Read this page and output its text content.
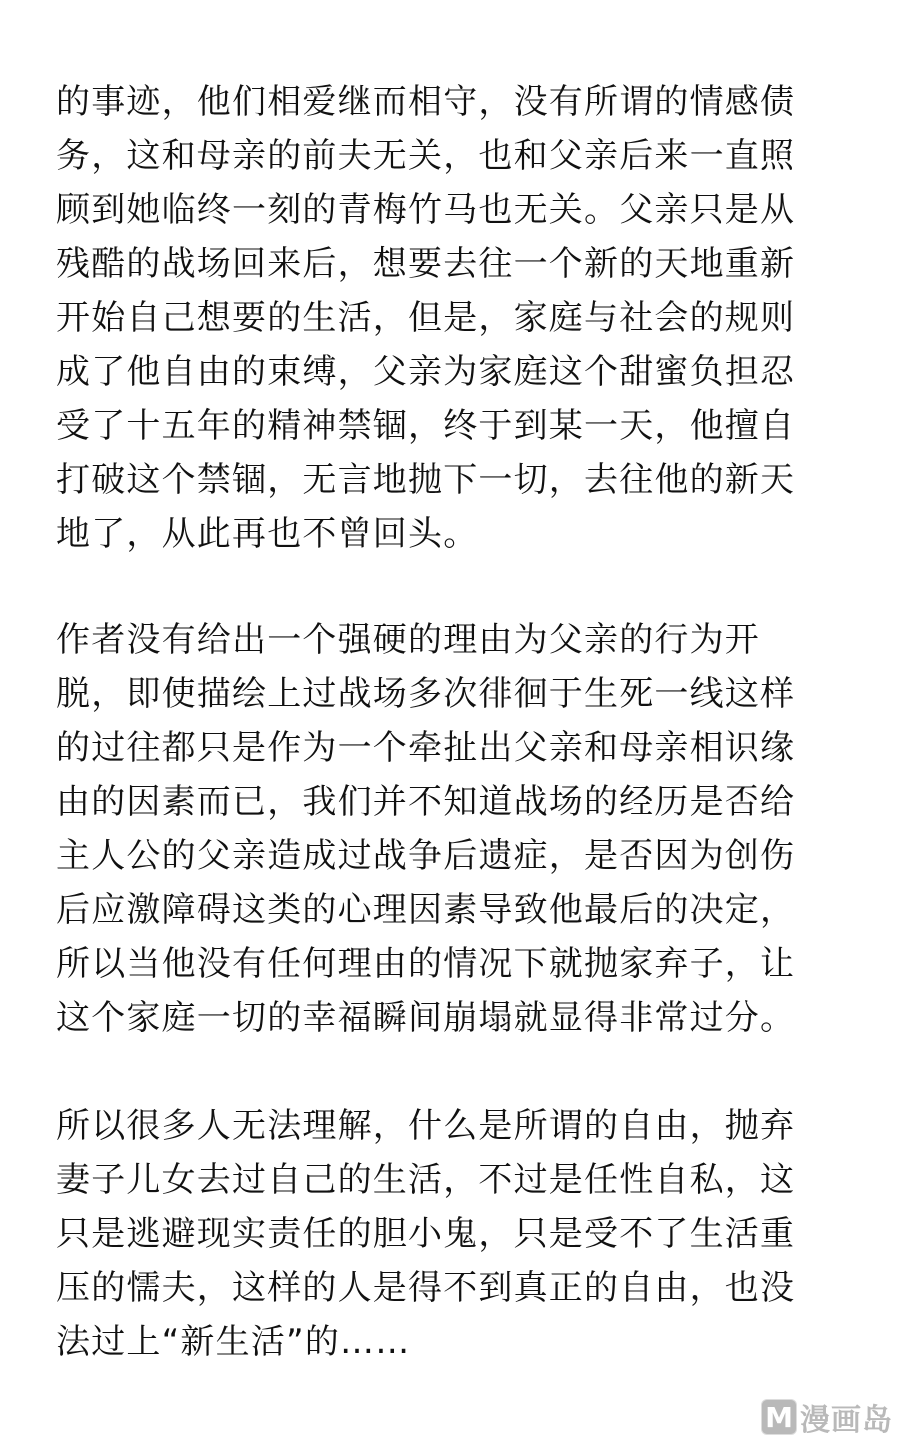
的事迹，他们相爱继而相守，没有所谓的情感债
务，这和母亲的前夫无关，也和父亲后来一直照
顾到她临终一刻的青梅竹马也无关。父亲只是从
残酷的战场回来后，想要去往一个新的天地重新
开始自己想要的生活，但是，家庭与社会的规则
成了他自由的束缚，父亲为家庭这个甜蜜负担忍
受了十五年的精神禁锢，终于到某一天，他擅自
打破这个禁锢，无言地抛下一切，去往他的新天
地了，从此再也不曾回头。
作者没有给出一个强硬的理由为父亲的行为开
脱，即使描绘上过战场多次徘徊于生死一线这样
的过往都只是作为一个牵扯出父亲和母亲相识缘
由的因素而已，我们并不知道战场的经历是否给
主人公的父亲造成过战争后遗症，是否因为创伤
后应激障碍这类的心理因素导致他最后的决定，
所以当他没有任何理由的情况下就抛家弃子，让
这个家庭一切的幸福瞬间崩塌就显得非常过分。
所以很多人无法理解，什么是所谓的自由，抛弃
妻子儿女去过自己的生活，不过是任性自私，这
只是逃避现实责任的胆小鬼，只是受不了生活重
压的懦夫，这样的人是得不到真正的自由，也没
法过上“新生活”的……
M 漫画岛
